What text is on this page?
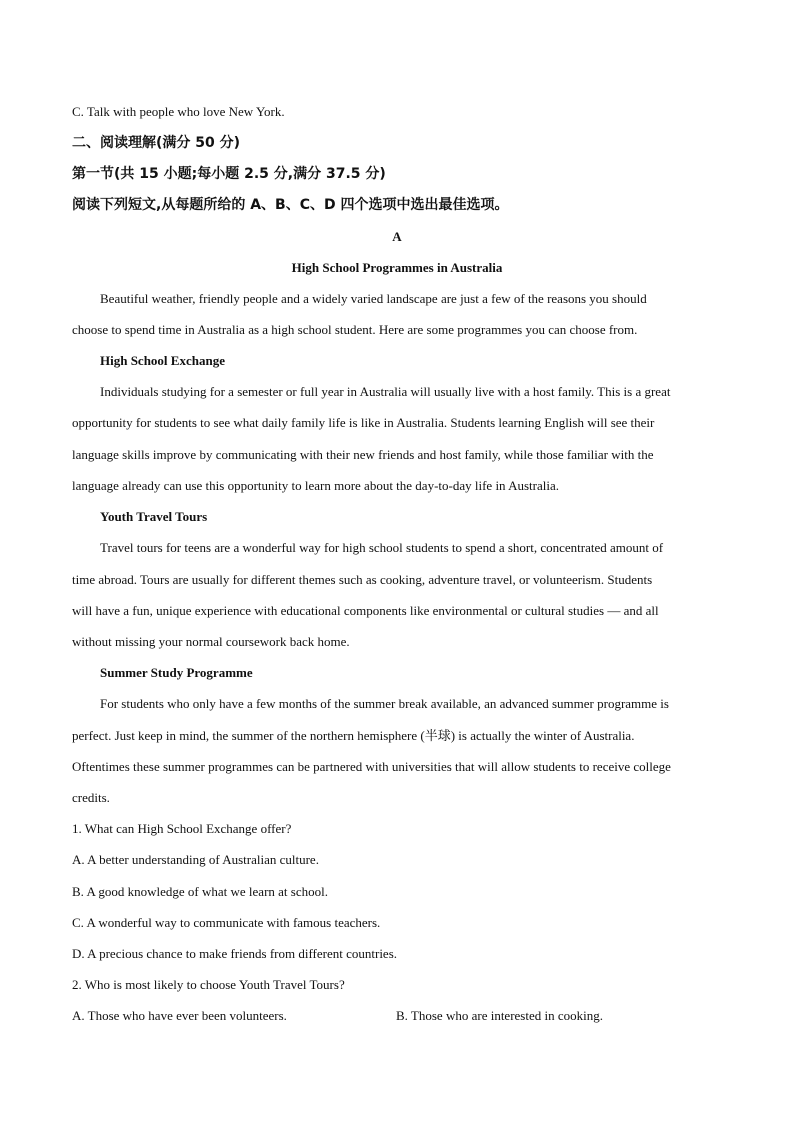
C. Talk with people who love New York.
二、阅读理解(满分 50 分)
第一节(共 15 小题;每小题 2.5 分,满分 37.5 分)
阅读下列短文,从每题所给的 A、B、C、D 四个选项中选出最佳选项。
A
High School Programmes in Australia
Beautiful weather, friendly people and a widely varied landscape are just a few of the reasons you should
choose to spend time in Australia as a high school student. Here are some programmes you can choose from.
High School Exchange
Individuals studying for a semester or full year in Australia will usually live with a host family. This is a great
opportunity for students to see what daily family life is like in Australia. Students learning English will see their
language skills improve by communicating with their new friends and host family, while those familiar with the
language already can use this opportunity to learn more about the day-to-day life in Australia.
Youth Travel Tours
Travel tours for teens are a wonderful way for high school students to spend a short, concentrated amount of
time abroad. Tours are usually for different themes such as cooking, adventure travel, or volunteerism. Students
will have a fun, unique experience with educational components like environmental or cultural studies — and all
without missing your normal coursework back home.
Summer Study Programme
For students who only have a few months of the summer break available, an advanced summer programme is
perfect. Just keep in mind, the summer of the northern hemisphere (半球) is actually the winter of Australia.
Oftentimes these summer programmes can be partnered with universities that will allow students to receive college
credits.
1. What can High School Exchange offer?
A. A better understanding of Australian culture.
B. A good knowledge of what we learn at school.
C. A wonderful way to communicate with famous teachers.
D. A precious chance to make friends from different countries.
2. Who is most likely to choose Youth Travel Tours?
A. Those who have ever been volunteers.	B. Those who are interested in cooking.
